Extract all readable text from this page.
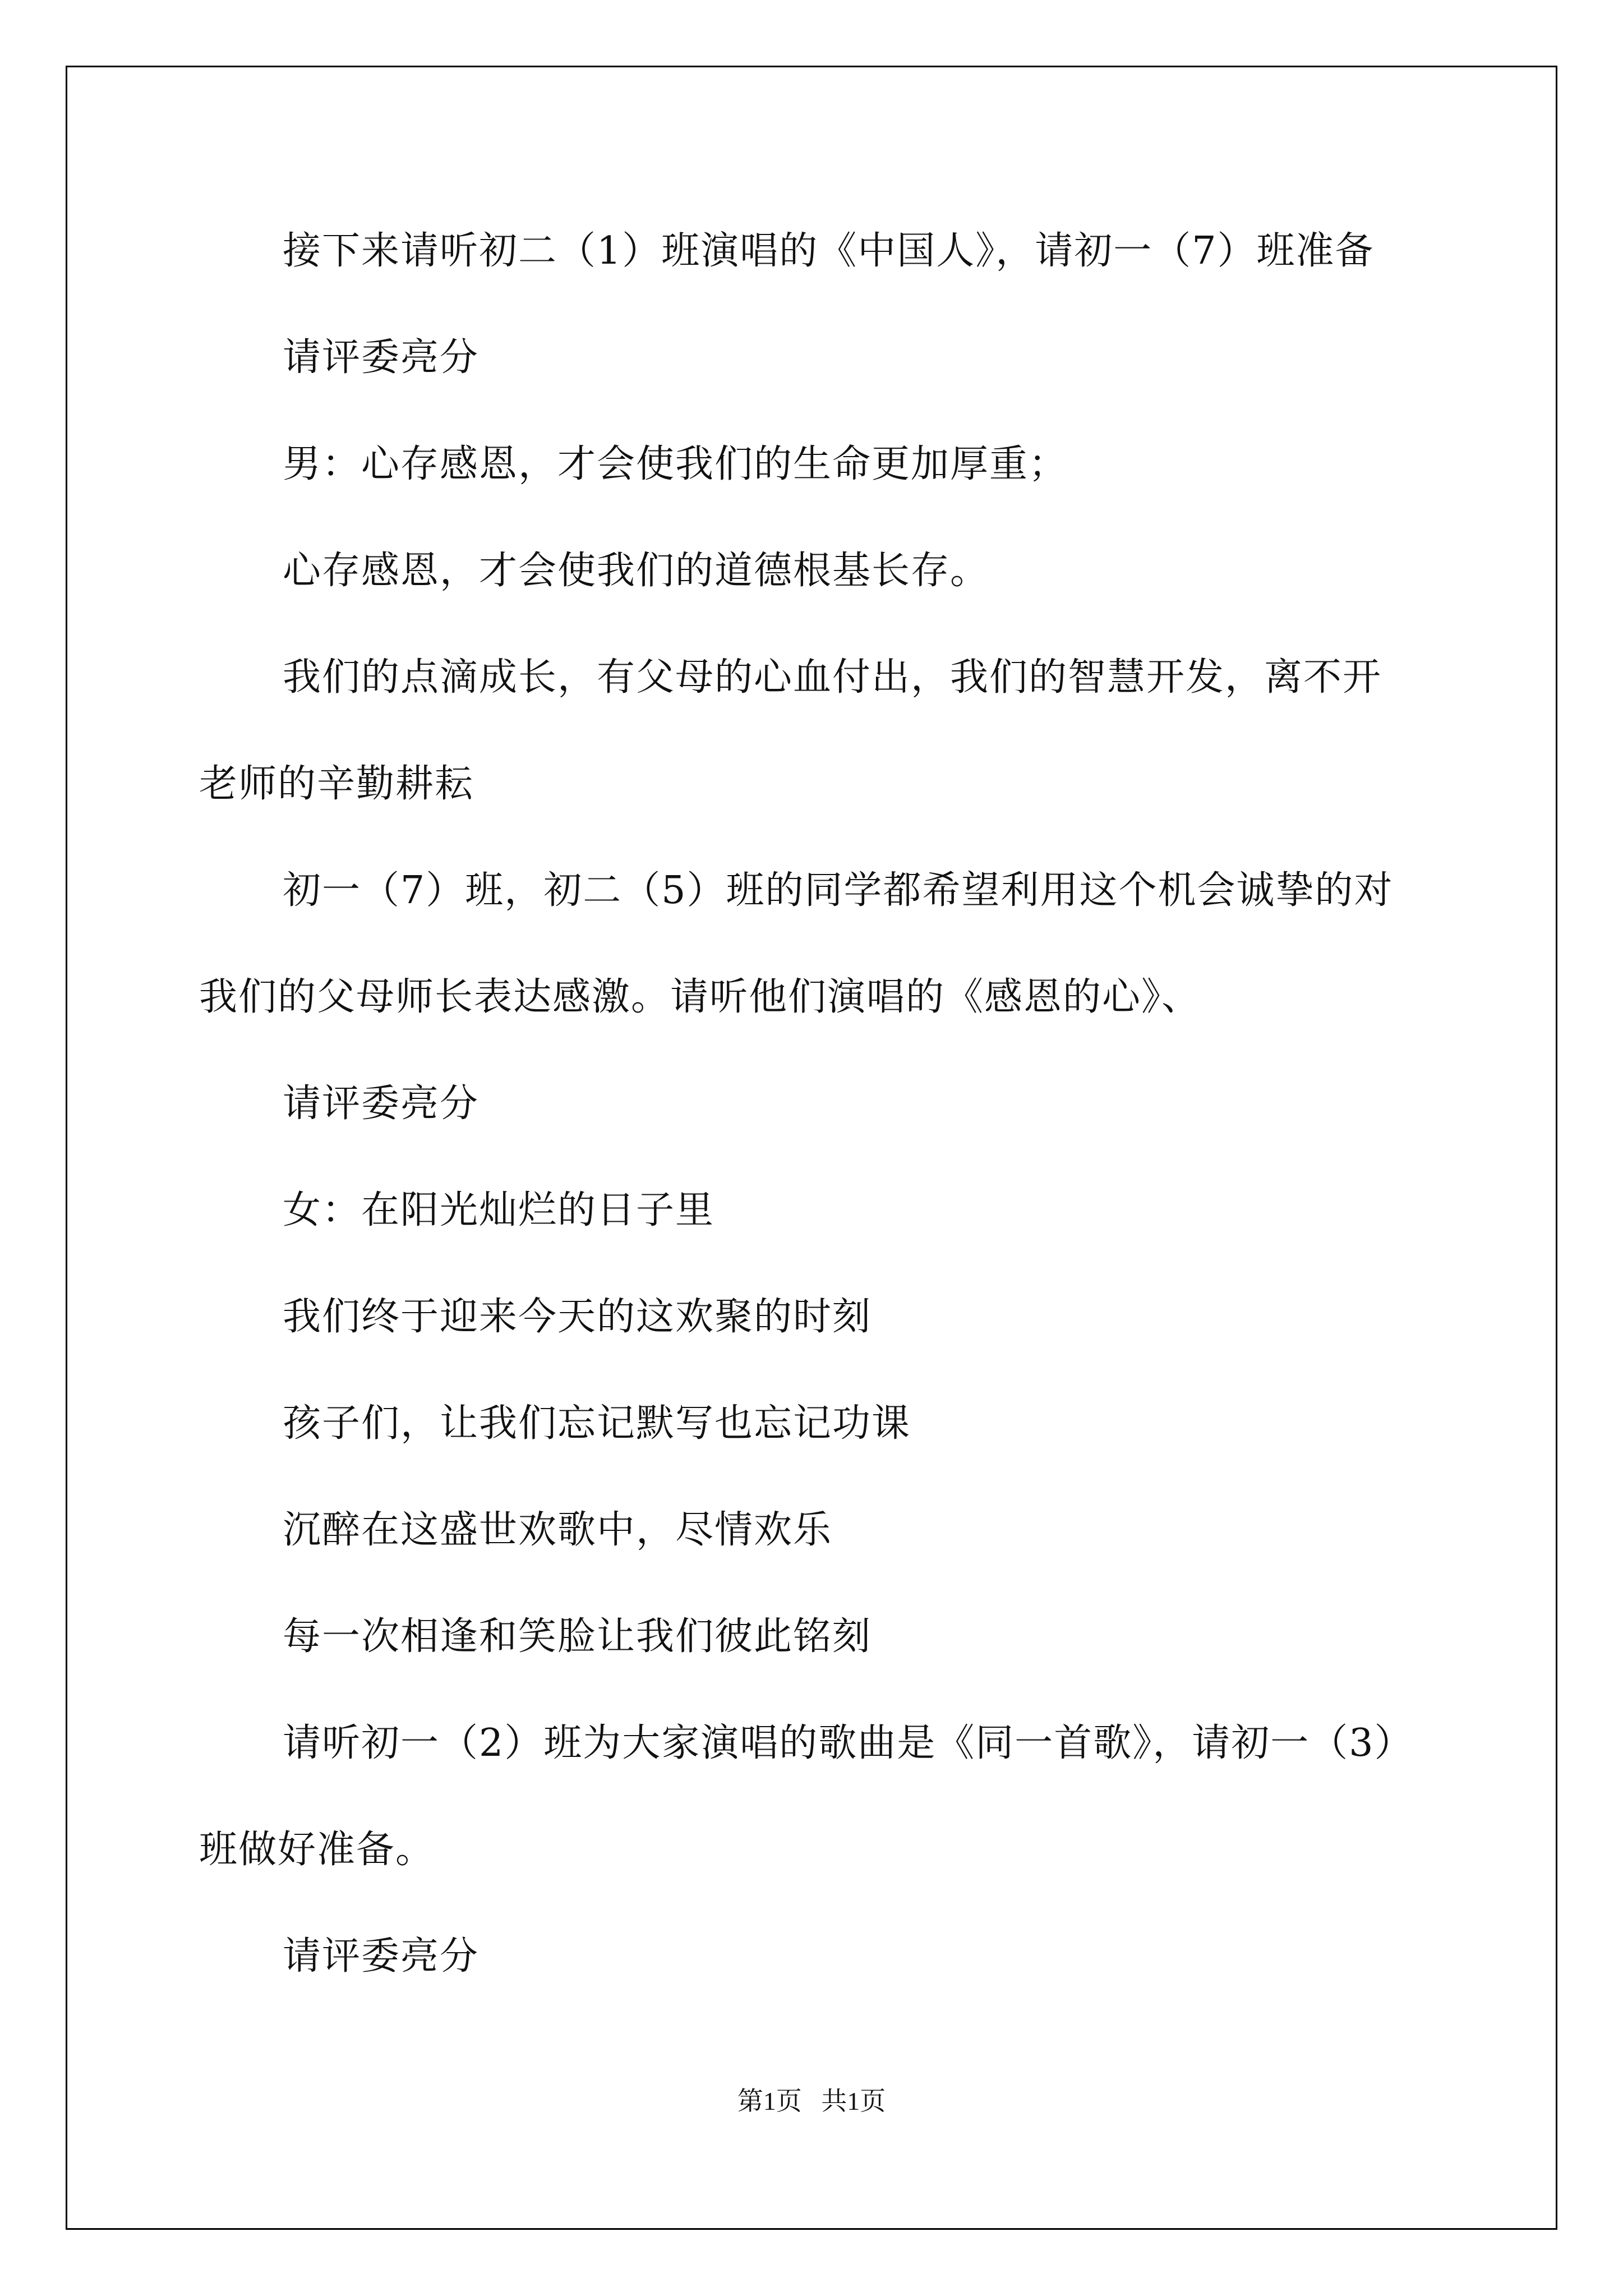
接下来请听初二（1）班演唱的《中国人》，请初一（7）班准备

请评委亮分

男：心存感恩，才会使我们的生命更加厚重；

心存感恩，才会使我们的道德根基长存。

我们的点滴成长，有父母的心血付出，我们的智慧开发，离不开

老师的辛勤耕耘

初一（7）班，初二（5）班的同学都希望利用这个机会诚挚的对

我们的父母师长表达感激。请听他们演唱的《感恩的心》、

请评委亮分

女：在阳光灿烂的日子里

我们终于迎来今天的这欢聚的时刻

孩子们，让我们忘记默写也忘记功课

沉醉在这盛世欢歌中，尽情欢乐

每一次相逢和笑脸让我们彼此铭刻

请听初一（2）班为大家演唱的歌曲是《同一首歌》，请初一（3）

班做好准备。

请评委亮分

第1页 共1页
